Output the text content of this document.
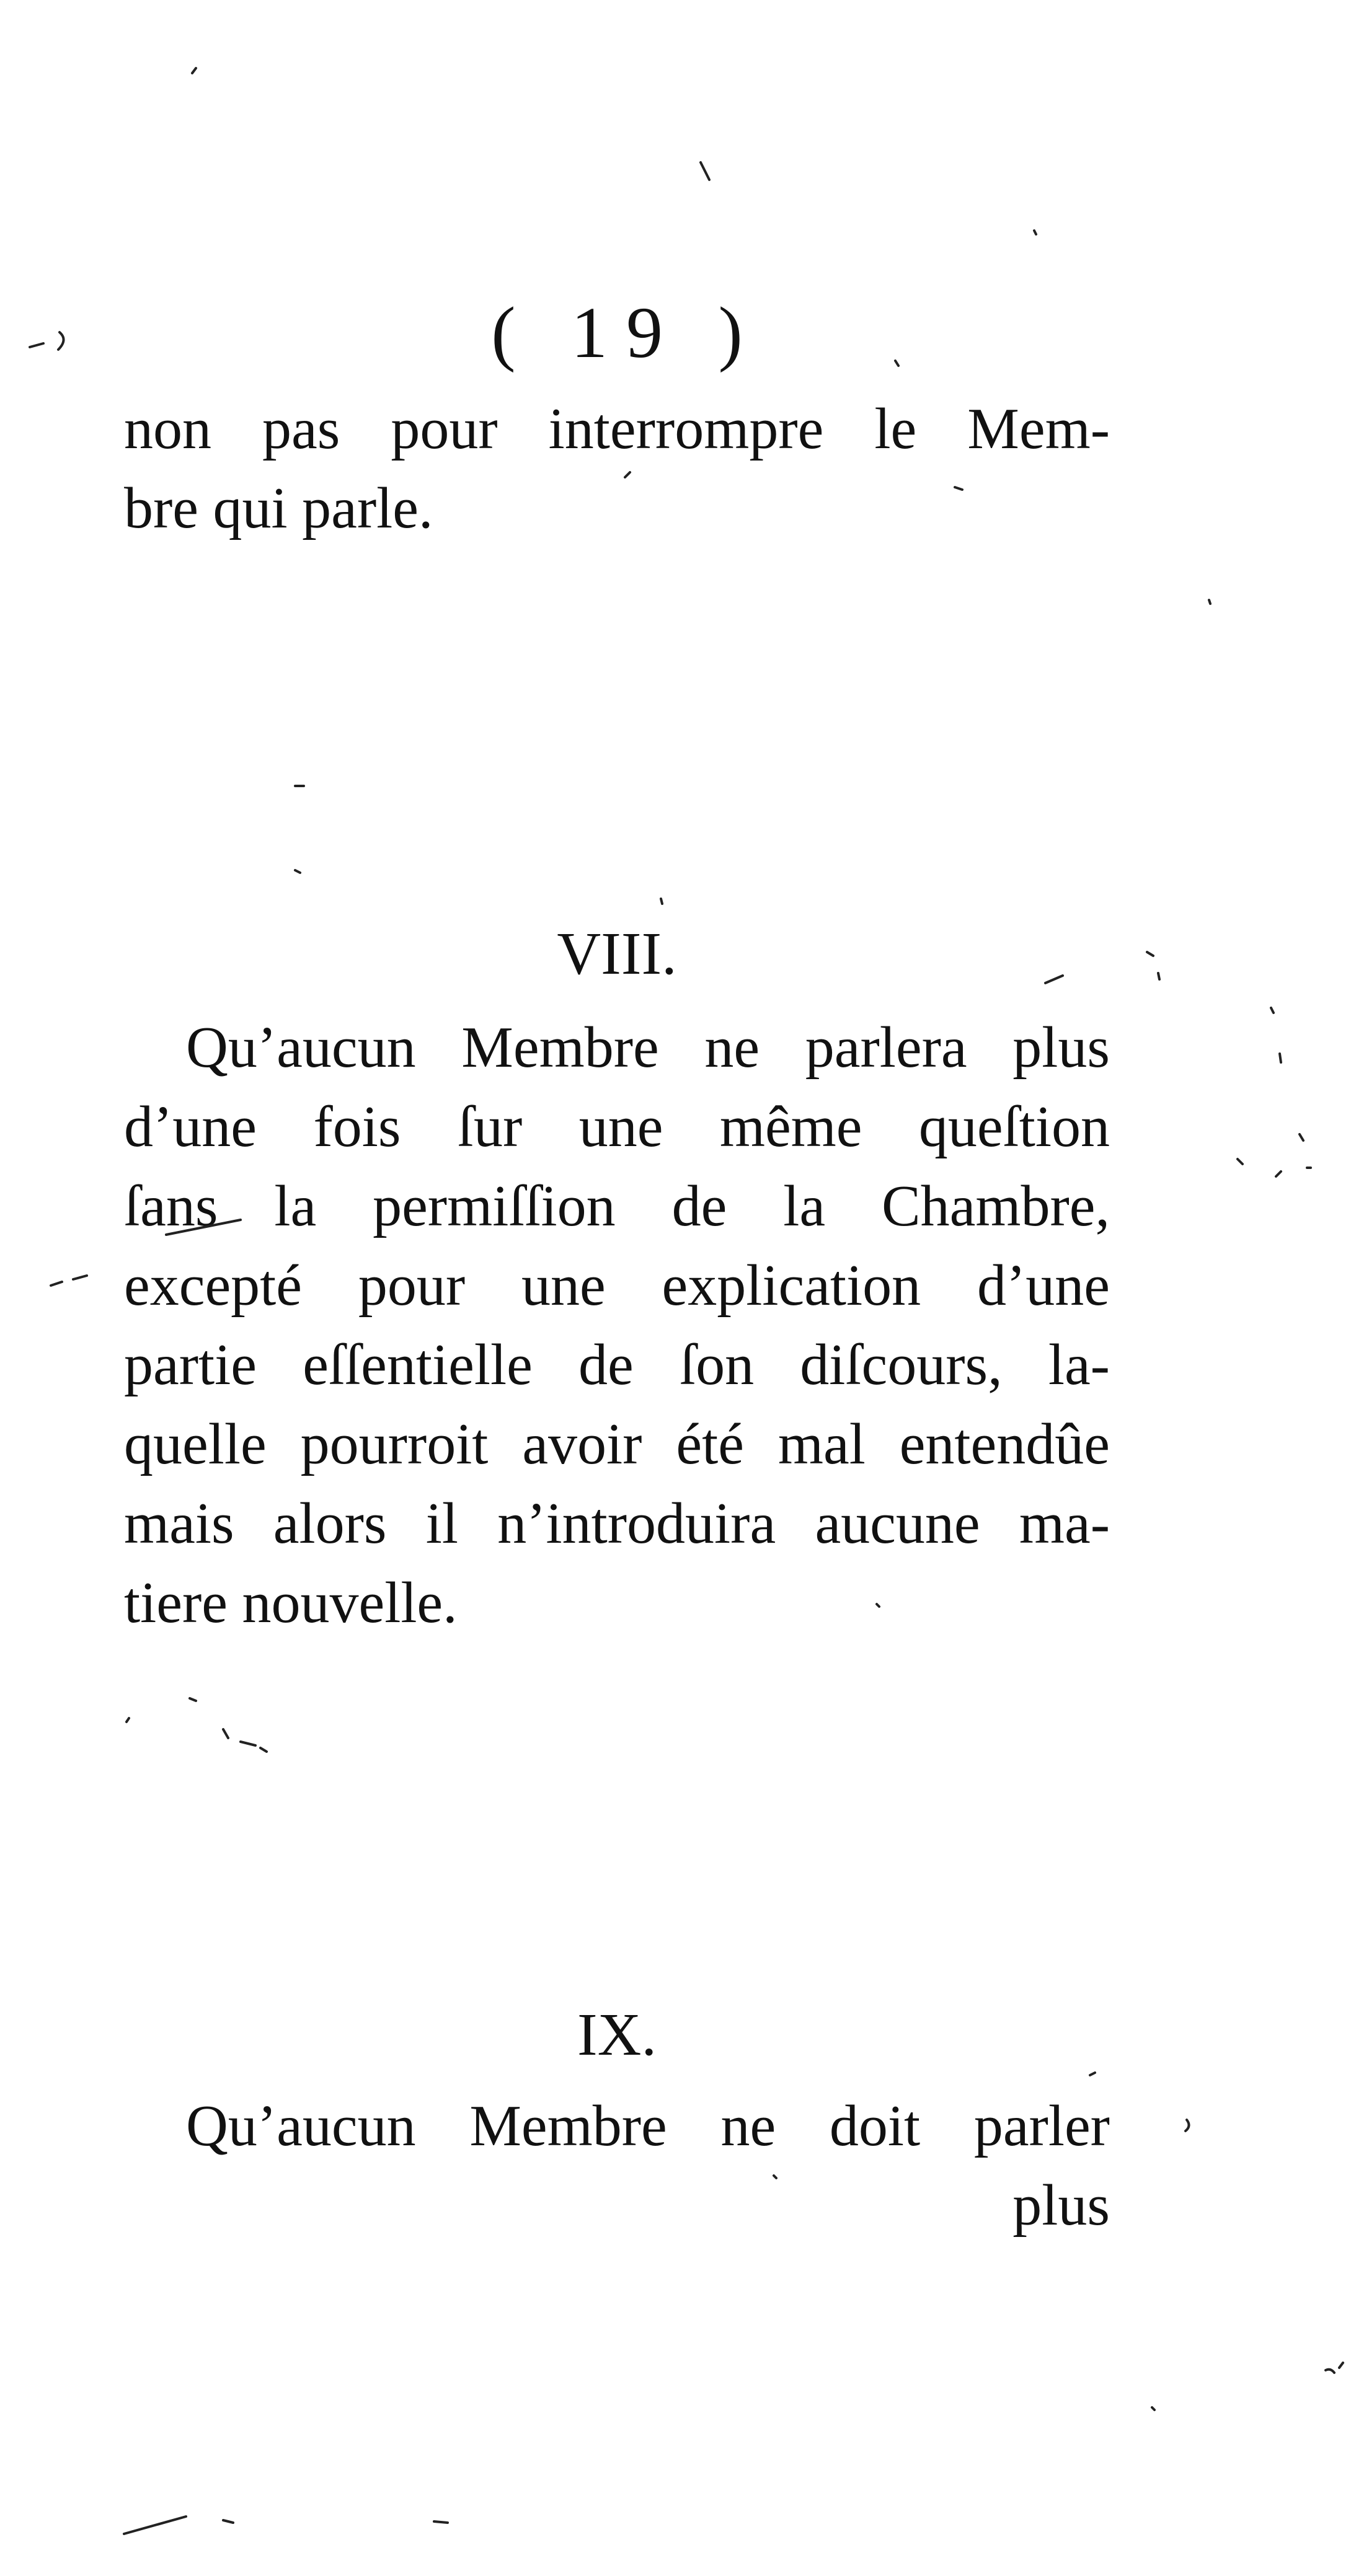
( 19 )
non pas pour interrompre le Mem-
bre qui parle.
VIII.
Qu’aucun Membre ne parlera plus
d’une fois ſur une même queſtion
ſans la permiſſion de la Chambre,
excepté pour une explication d’une
partie eſſentielle de ſon diſcours, la-
quelle pourroit avoir été mal entendûe
mais alors il n’introduira aucune ma-
tiere nouvelle.
IX.
Qu’aucun Membre ne doit parler
plus
